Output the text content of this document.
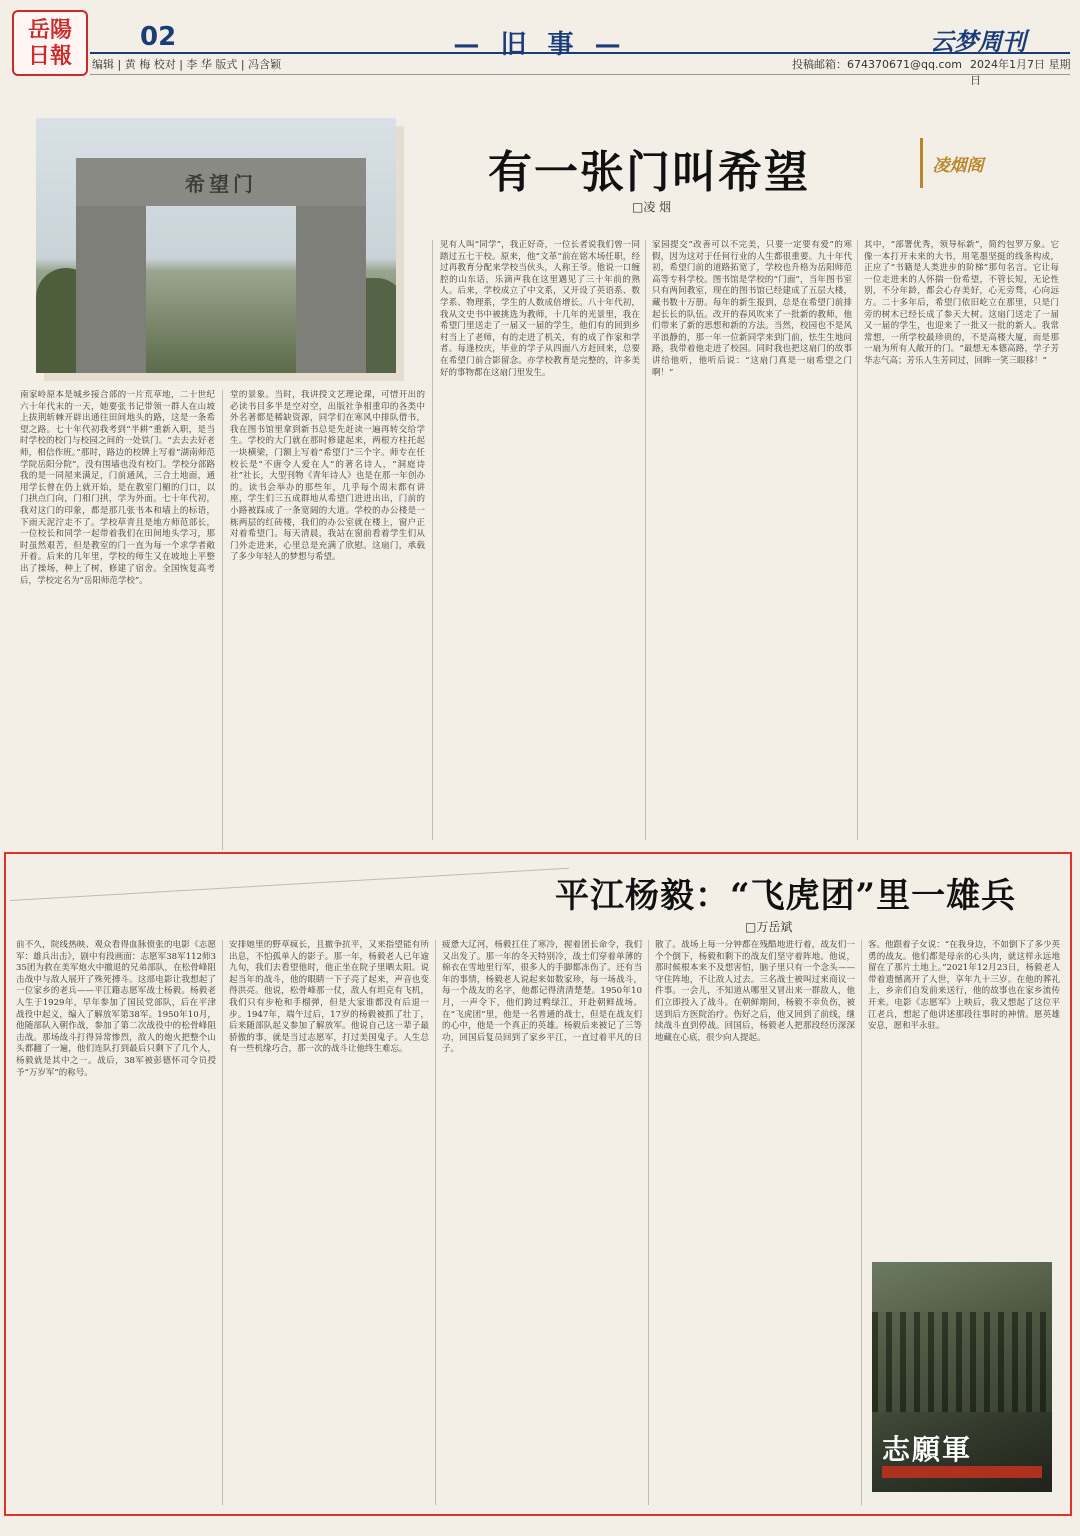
岳陽
日報
02	— 旧 事 —	云梦周刊
编辑 | 黄 梅 校对 | 李 华 版式 | 冯含颖	投稿邮箱：674370671@qq.com 2024年1月7日 星期日
希望门	有一张门叫希望
□凌 烟
凌烟阁
南家岭原本是城乡接合部的一片荒草地，二十世纪六十年代末的一天，她要张书记带领一群人在山坡上拔荆斩棘开辟出通往田间地头的路，这是一条希望之路。七十年代初我考到“半耕”重新入职，是当时学校的校门与校园之间的一处铁门。“去去去好老师，相信作班。”那时，路边的校牌上写着“湖南师范学院岳阳分院”，没有围墙也没有校门。学校分部路我的是一同屋来满足，门前通风，三合土地面，通用学长曾在仍上就开始，是在教室门楣的门口，以门拱点门向，门相门拱，学为外面。七十年代初，我对这门的印象，都是那几张书本和墙上的标语，下雨天泥泞走不了。学校草青且是地方师范部长，一位校长和同学一起带着我们在田间地头学习，那时虽然艰苦，但是教室的门一直为每一个求学者敞开着。后来的几年里，学校的师生又在坡地上平整出了操场，种上了树，修建了宿舍。全国恢复高考后，学校定名为“岳阳师范学校”。
堂的景象。当时，我讲授文艺理论课，可惜开出的必读书目多半是空对空，出版社争相重印的各类中外名著都是稀缺资源，同学们在寒风中排队借书，我在图书馆里拿到新书总是先赶读一遍再转交给学生。学校的大门就在那时修建起来，两根方柱托起一块横梁，门额上写着“希望门”三个字。师专在任校长是“不唐令人爱在人”的著名诗人，“洞庭诗社”社长，大型刊物《青年诗人》也是在那一年创办的。读书会举办的那些年，几乎每个周末都有讲座，学生们三五成群地从希望门进进出出，门前的小路被踩成了一条宽阔的大道。学校的办公楼是一栋两层的红砖楼，我们的办公室就在楼上，窗户正对着希望门。每天清晨，我站在窗前看着学生们从门外走进来，心里总是充满了欣慰。这扇门，承载了多少年轻人的梦想与希望。
见有人叫“同学”，我正好奇，一位长者说我们曾一同踏过五七干校。原来，他“文革”前在铭木场任职，经过再教育分配来学校当伙头，人称王爷。他说一口缠腔的山东话，乐滴声我在这里遇见了三十年前的熟人。后来，学校成立了中文系，又开设了英语系、数学系、物理系，学生的人数成倍增长。八十年代初，我从文史书中被挑选为教师，十几年的光景里，我在希望门里送走了一届又一届的学生，他们有的回到乡村当上了老师，有的走进了机关，有的成了作家和学者。每逢校庆，毕业的学子从四面八方赶回来，总要在希望门前合影留念。亦学校教育是完整的，许多美好的事物都在这扇门里发生。
家园提交“改善可以不完美，只要一定要有爱”的寒假，因为这对于任何行业的人生都很重要。九十年代初，希望门前的道路拓宽了，学校也升格为岳阳师范高等专科学校。图书馆是学校的“门面”，当年图书室只有两间教室，现在的图书馆已经建成了五层大楼，藏书数十万册。每年的新生报到，总是在希望门前排起长长的队伍。改开的春风吹来了一批新的教师，他们带来了新的思想和新的方法。当然，校园也不是风平浪静的，那一年一位新同学来到门前，怯生生地问路，我带着他走进了校园。同时我也把这扇门的故事讲给他听，他听后说：“这扇门真是一扇希望之门啊！”
其中，“部署优秀，领导标新”，简约包罗万象。它像一本打开未来的大书，用笔墨坚挺的线条构成，正应了“书籍是人类进步的阶梯”那句名言。它让每一位走进来的人怀揣一份希望，不管长短，无论性别，不分年龄，都会心存美好，心无旁骛，心向远方。二十多年后，希望门依旧屹立在那里，只是门旁的树木已经长成了参天大树。这扇门送走了一届又一届的学生，也迎来了一批又一批的新人。我常常想，一所学校最珍贵的，不是高楼大厦，而是那一扇为所有人敞开的门。“最想无本德高路，学子芳华志气高；芳乐人生芳同过，回眸一笑三眼移！”
平江杨毅：“飞虎团”里一雄兵
□万岳斌
前不久，院线热映、观众看得血脉偾张的电影《志愿军：雄兵出击》，剧中有段画面：志愿军38军112师335团为救在美军炮火中撤退的兄弟部队，在松骨峰阻击战中与敌人展开了殊死搏斗。这部电影让我想起了一位家乡的老兵——平江籍志愿军战士杨毅。杨毅老人生于1929年，早年参加了国民党部队，后在平津战役中起义，编入了解放军第38军。1950年10月，他随部队入朝作战，参加了第二次战役中的松骨峰阻击战。那场战斗打得异常惨烈，敌人的炮火把整个山头都翻了一遍，他们连队打到最后只剩下了几个人，杨毅就是其中之一。战后，38军被彭德怀司令员授予“万岁军”的称号。
安排她里的野草疯长，且撤争抗平，又来指望能有所出息，不怕孤单人的影子。那一年，杨毅老人已年逾九旬，我们去看望他时，他正坐在院子里晒太阳。说起当年的战斗，他的眼睛一下子亮了起来，声音也变得洪亮。他说，松骨峰那一仗，敌人有坦克有飞机，我们只有步枪和手榴弹，但是大家谁都没有后退一步。1947年，端午过后，17岁的杨毅被抓了壮丁，后来随部队起义参加了解放军。他说自己这一辈子最骄傲的事，就是当过志愿军，打过美国鬼子。人生总有一些机缘巧合，那一次的战斗让他终生难忘。
疲惫大辽河，杨毅扛住了寒冷，握着团长命令，我们又出发了。那一年的冬天特别冷，战士们穿着单薄的棉衣在雪地里行军，很多人的手脚都冻伤了。还有当年的事情，杨毅老人说起来如数家珍，每一场战斗，每一个战友的名字，他都记得清清楚楚。1950年10月，一声令下，他们跨过鸭绿江，开赴朝鲜战场。在“飞虎团”里，他是一名普通的战士，但是在战友们的心中，他是一个真正的英雄。杨毅后来被记了三等功，回国后复员回到了家乡平江，一直过着平凡的日子。
散了。战场上每一分钟都在残酷地进行着，战友们一个个倒下，杨毅和剩下的战友们坚守着阵地。他说，那时候根本来不及想害怕，脑子里只有一个念头——守住阵地，不让敌人过去。三名战士被叫过来商议一件事。一会儿，不知道从哪里又冒出来一群敌人，他们立即投入了战斗。在朝鲜期间，杨毅不幸负伤，被送到后方医院治疗。伤好之后，他又回到了前线，继续战斗直到停战。回国后，杨毅老人把那段经历深深地藏在心底，很少向人提起。
客。他跟着子女说：“在我身边，不如倒下了多少英勇的战友。他们都是母亲的心头肉，就这样永远地留在了那片土地上。”2021年12月23日，杨毅老人带着遗憾离开了人世，享年九十三岁。在他的葬礼上，乡亲们自发前来送行，他的故事也在家乡流传开来。电影《志愿军》上映后，我又想起了这位平江老兵，想起了他讲述那段往事时的神情。愿英雄安息，愿和平永驻。
志願軍
